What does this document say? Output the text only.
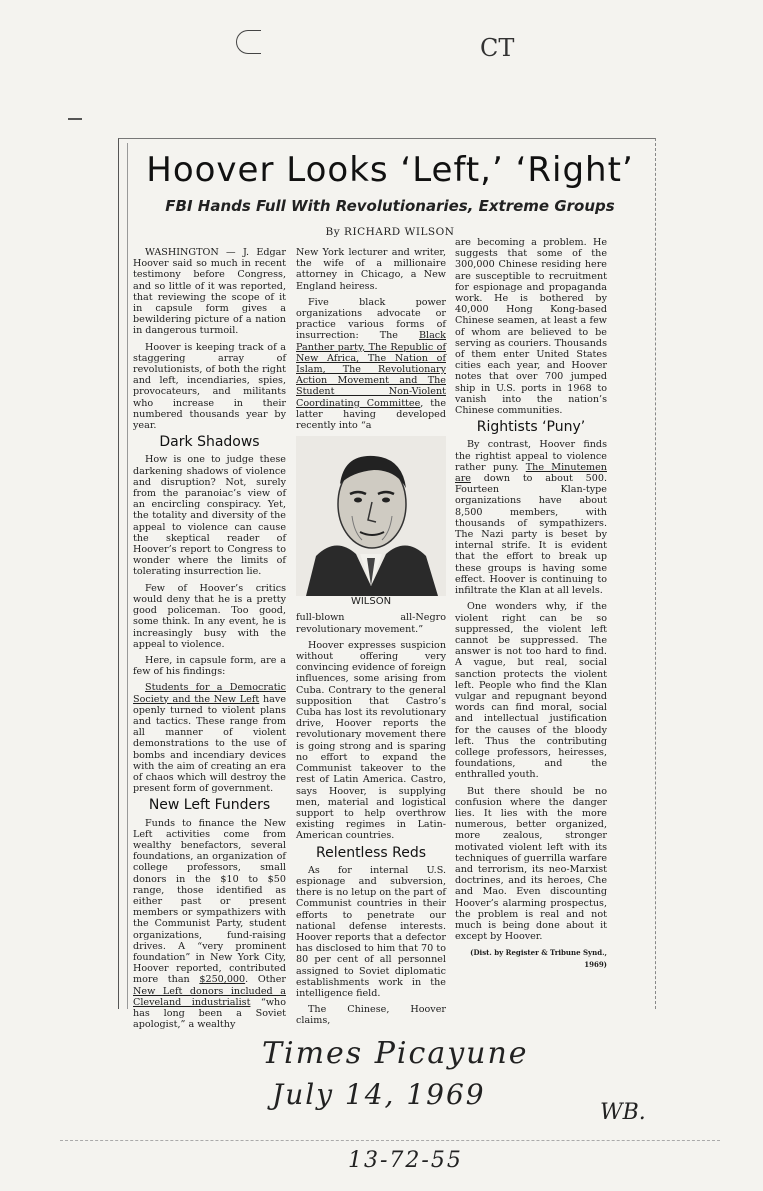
CT
Hoover Looks ‘Left,’ ‘Right’
FBI Hands Full With Revolutionaries, Extreme Groups
By RICHARD WILSON

WASHINGTON — J. Edgar Hoover said so much in recent testimony before Congress, and so little of it was reported, that reviewing the scope of it in capsule form gives a bewildering picture of a nation in dangerous turmoil.

Hoover is keeping track of a staggering array of revolutionists, of both the right and left, incendiaries, spies, provocateurs, and militants who increase in their numbered thousands year by year.

Dark Shadows

How is one to judge these darkening shadows of violence and disruption? Not, surely from the paranoiac’s view of an encircling conspiracy. Yet, the totality and diversity of the appeal to violence can cause the skeptical reader of Hoover’s report to Congress to wonder where the limits of tolerating insurrection lie.

Few of Hoover’s critics would deny that he is a pretty good policeman. Too good, some think. In any event, he is increasingly busy with the appeal to violence.

Here, in capsule form, are a few of his findings:

Students for a Democratic Society and the New Left have openly turned to violent plans and tactics. These range from all manner of violent demonstrations to the use of bombs and incendiary devices with the aim of creating an era of chaos which will destroy the present form of government.

New Left Funders

Funds to finance the New Left activities come from wealthy benefactors, several foundations, an organization of college professors, small donors in the $10 to $50 range, those identified as either past or present members or sympathizers with the Communist Party, student organizations, fund-raising drives. A “very prominent foundation” in New York City, Hoover reported, contributed more than $250,000. Other New Left donors included a Cleveland industrialist “who has long been a Soviet apologist,” a wealthy

New York lecturer and writer, the wife of a millionaire attorney in Chicago, a New England heiress.

Five black power organizations advocate or practice various forms of insurrection: The Black Panther party, The Republic of New Africa, The Nation of Islam, The Revolutionary Action Movement and The Student Non-Violent Coordinating Committee, the latter having developed recently into “a

WILSON

full-blown all-Negro revolutionary movement.”

Hoover expresses suspicion without offering very convincing evidence of foreign influences, some arising from Cuba. Contrary to the general supposition that Castro’s Cuba has lost its revolutionary drive, Hoover reports the revolutionary movement there is going strong and is sparing no effort to expand the Communist takeover to the rest of Latin America. Castro, says Hoover, is supplying men, material and logistical support to help overthrow existing regimes in Latin-American countries.

Relentless Reds

As for internal U.S. espionage and subversion, there is no letup on the part of Communist countries in their efforts to penetrate our national defense interests. Hoover reports that a defector has disclosed to him that 70 to 80 per cent of all personnel assigned to Soviet diplomatic establishments work in the intelligence field.

The Chinese, Hoover claims,

are becoming a problem. He suggests that some of the 300,000 Chinese residing here are susceptible to recruitment for espionage and propaganda work. He is bothered by 40,000 Hong Kong-based Chinese seamen, at least a few of whom are believed to be serving as couriers. Thousands of them enter United States cities each year, and Hoover notes that over 700 jumped ship in U.S. ports in 1968 to vanish into the nation’s Chinese communities.

Rightists ‘Puny’

By contrast, Hoover finds the rightist appeal to violence rather puny. The Minutemen are down to about 500. Fourteen Klan-type organizations have about 8,500 members, with thousands of sympathizers. The Nazi party is beset by internal strife. It is evident that the effort to break up these groups is having some effect. Hoover is continuing to infiltrate the Klan at all levels.

One wonders why, if the violent right can be so suppressed, the violent left cannot be suppressed. The answer is not too hard to find. A vague, but real, social sanction protects the violent left. People who find the Klan vulgar and repugnant beyond words can find moral, social and intellectual justification for the causes of the bloody left. Thus the contributing college professors, heiresses, foundations, and the enthralled youth.

But there should be no confusion where the danger lies. It lies with the more numerous, better organized, more zealous, stronger motivated violent left with its techniques of guerrilla warfare and terrorism, its neo-Marxist doctrines, and its heroes, Che and Mao. Even discounting Hoover’s alarming prospectus, the problem is real and not much is being done about it except by Hoover.

(Dist. by Register & Tribune Synd., 1969)

Times Picayune
July 14, 1969
WB.
13-72-55
